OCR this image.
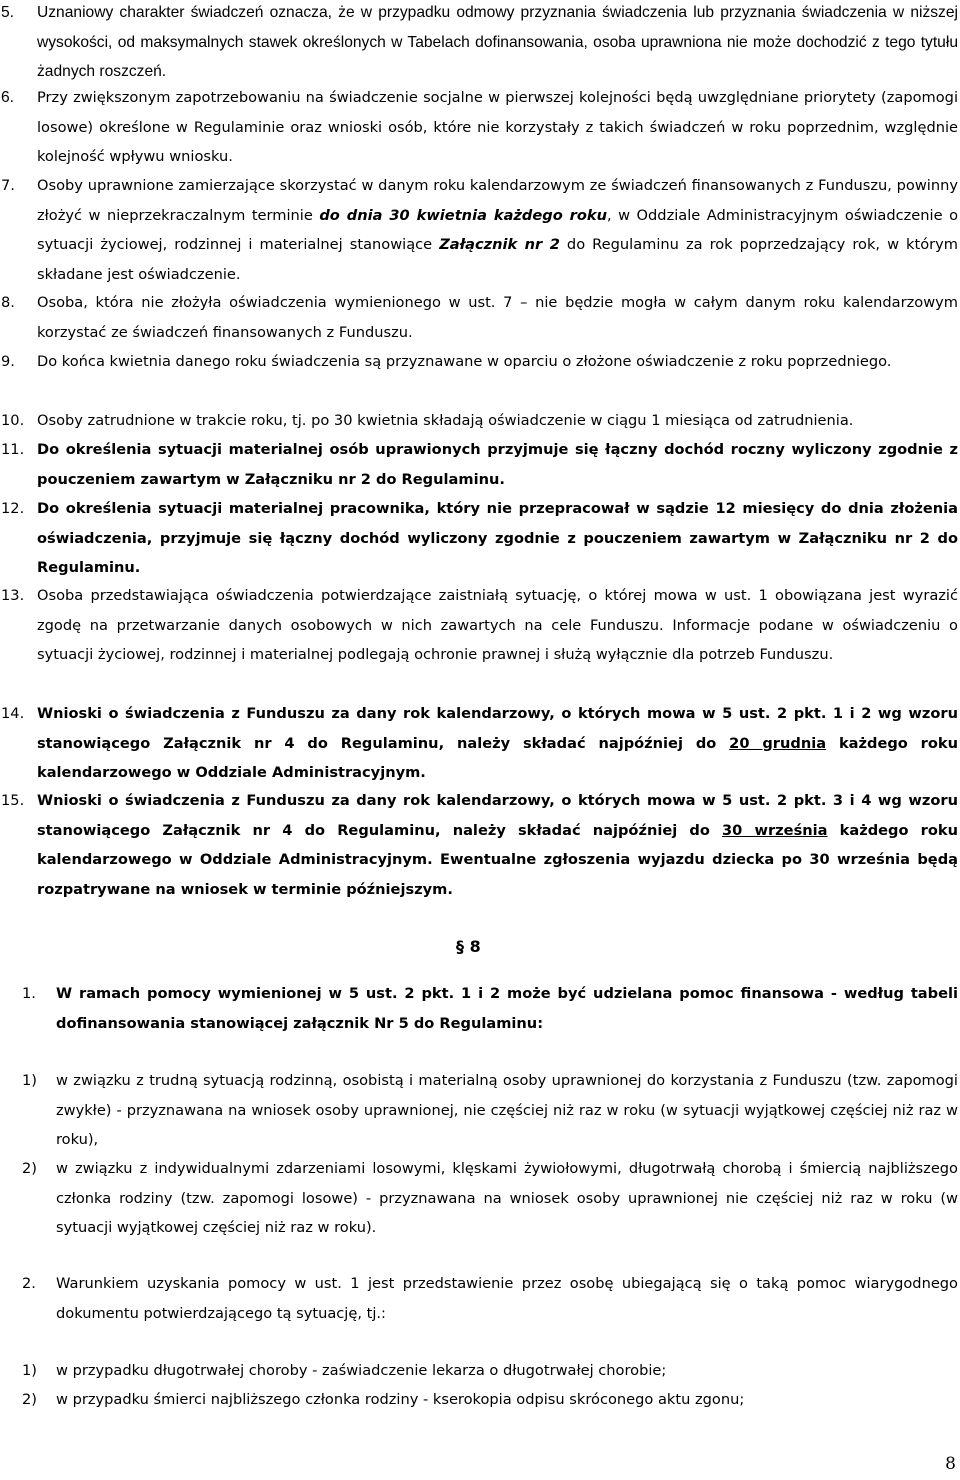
5. Uznaniowy charakter świadczeń oznacza, że w przypadku odmowy przyznania świadczenia lub przyznania świadczenia w niższej wysokości, od maksymalnych stawek określonych w Tabelach dofinansowania, osoba uprawniona nie może dochodzić z tego tytułu żadnych roszczeń.
6. Przy zwiększonym zapotrzebowaniu na świadczenie socjalne w pierwszej kolejności będą uwzględniane priorytety (zapomogi losowe) określone w Regulaminie oraz wnioski osób, które nie korzystały z takich świadczeń w roku poprzednim, względnie kolejność wpływu wniosku.
7. Osoby uprawnione zamierzające skorzystać w danym roku kalendarzowym ze świadczeń finansowanych z Funduszu, powinny złożyć w nieprzekraczalnym terminie do dnia 30 kwietnia każdego roku, w Oddziale Administracyjnym oświadczenie o sytuacji życiowej, rodzinnej i materialnej stanowiące Załącznik nr 2 do Regulaminu za rok poprzedzający rok, w którym składane jest oświadczenie.
8. Osoba, która nie złożyła oświadczenia wymienionego w ust. 7 – nie będzie mogła w całym danym roku kalendarzowym korzystać ze świadczeń finansowanych z Funduszu.
9. Do końca kwietnia danego roku świadczenia są przyznawane w oparciu o złożone oświadczenie z roku poprzedniego.
10. Osoby zatrudnione w trakcie roku, tj. po 30 kwietnia składają oświadczenie w ciągu 1 miesiąca od zatrudnienia.
11. Do określenia sytuacji materialnej osób uprawionych przyjmuje się łączny dochód roczny wyliczony zgodnie z pouczeniem zawartym w Załączniku nr 2 do Regulaminu.
12. Do określenia sytuacji materialnej pracownika, który nie przepracował w sądzie 12 miesięcy do dnia złożenia oświadczenia, przyjmuje się łączny dochód wyliczony zgodnie z pouczeniem zawartym w Załączniku nr 2 do Regulaminu.
13. Osoba przedstawiająca oświadczenia potwierdzające zaistniałą sytuację, o której mowa w ust. 1 obowiązana jest wyrazić zgodę na przetwarzanie danych osobowych w nich zawartych na cele Funduszu. Informacje podane w oświadczeniu o sytuacji życiowej, rodzinnej i materialnej podlegają ochronie prawnej i służą wyłącznie dla potrzeb Funduszu.
14. Wnioski o świadczenia z Funduszu za dany rok kalendarzowy, o których mowa w 5 ust. 2 pkt. 1 i 2 wg wzoru stanowiącego Załącznik nr 4 do Regulaminu, należy składać najpóźniej do 20 grudnia każdego roku kalendarzowego w Oddziale Administracyjnym.
15. Wnioski o świadczenia z Funduszu za dany rok kalendarzowy, o których mowa w 5 ust. 2 pkt. 3 i 4 wg wzoru stanowiącego Załącznik nr 4 do Regulaminu, należy składać najpóźniej do 30 września każdego roku kalendarzowego w Oddziale Administracyjnym. Ewentualne zgłoszenia wyjazdu dziecka po 30 września będą rozpatrywane na wniosek w terminie późniejszym.
§ 8
1. W ramach pomocy wymienionej w 5 ust. 2 pkt. 1 i 2 może być udzielana pomoc finansowa - według tabeli dofinansowania stanowiącej załącznik Nr 5 do Regulaminu:
1) w związku z trudną sytuacją rodzinną, osobistą i materialną osoby uprawnionej do korzystania z Funduszu (tzw. zapomogi zwykłe) - przyznawana na wniosek osoby uprawnionej, nie częściej niż raz w roku (w sytuacji wyjątkowej częściej niż raz w roku),
2) w związku z indywidualnymi zdarzeniami losowymi, klęskami żywiołowymi, długotrwałą chorobą i śmiercią najbliższego członka rodziny (tzw. zapomogi losowe) - przyznawana na wniosek osoby uprawnionej nie częściej niż raz w roku (w sytuacji wyjątkowej częściej niż raz w roku).
2. Warunkiem uzyskania pomocy w ust. 1 jest przedstawienie przez osobę ubiegającą się o taką pomoc wiarygodnego dokumentu potwierdzającego tą sytuację, tj.:
1) w przypadku długotrwałej choroby - zaświadczenie lekarza o długotrwałej chorobie;
2) w przypadku śmierci najbliższego członka rodziny - kserokopia odpisu skróconego aktu zgonu;
8
